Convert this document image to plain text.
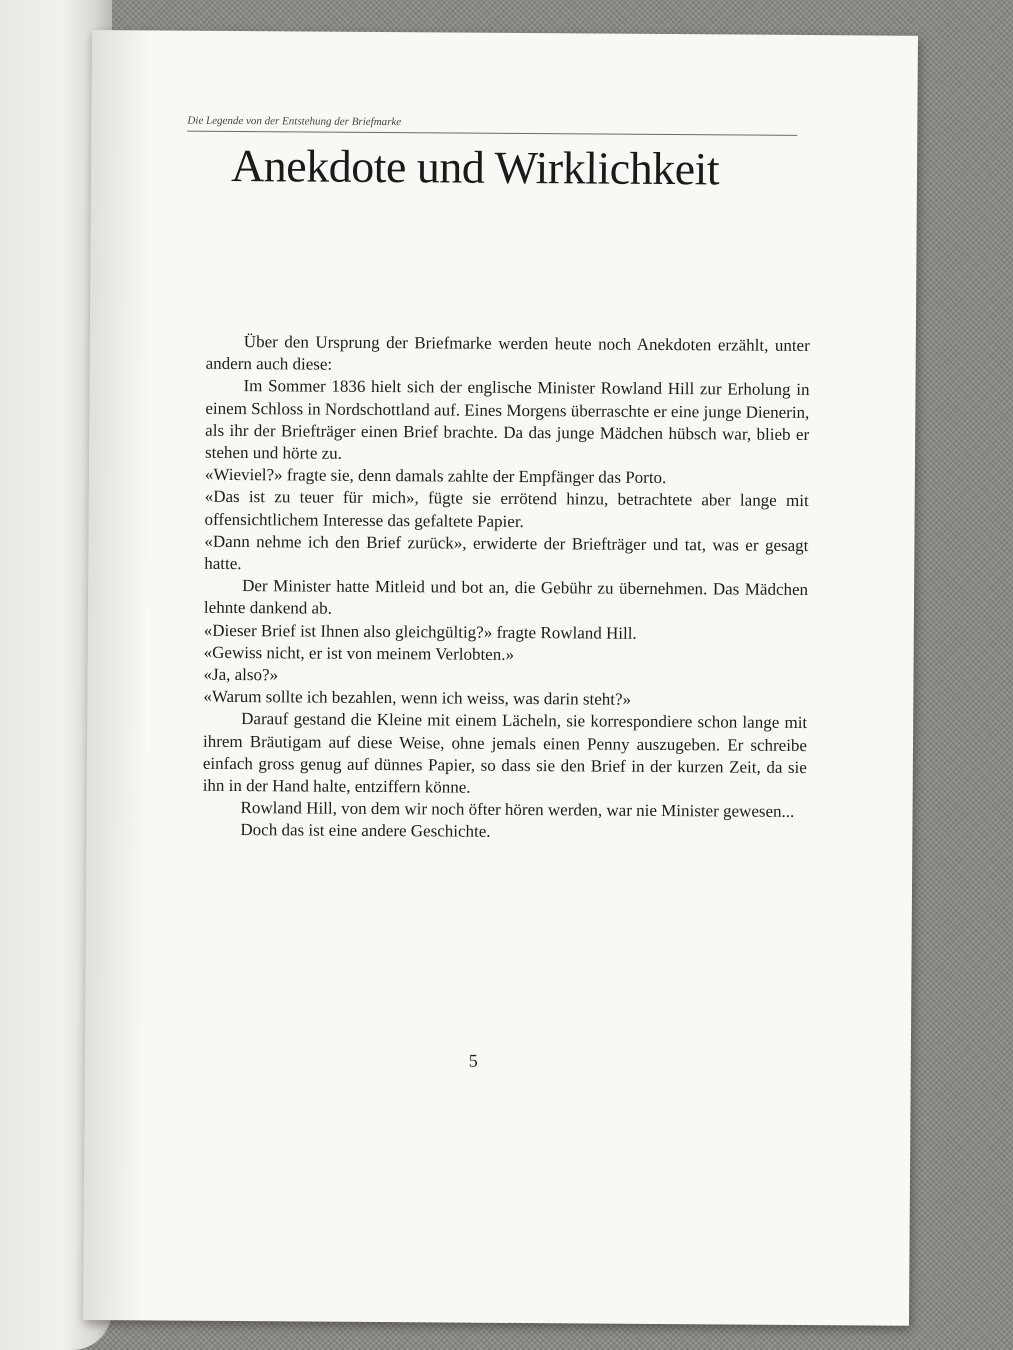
Die Legende von der Entstehung der Briefmarke
Anekdote und Wirklichkeit

Über den Ursprung der Briefmarke werden heute noch Anekdoten erzählt, unter andern auch diese:

Im Sommer 1836 hielt sich der englische Minister Rowland Hill zur Erholung in einem Schloss in Nordschottland auf. Eines Morgens überraschte er eine junge Dienerin, als ihr der Briefträger einen Brief brachte. Da das junge Mädchen hübsch war, blieb er stehen und hörte zu.

«Wieviel?» fragte sie, denn damals zahlte der Empfänger das Porto.

«Das ist zu teuer für mich», fügte sie errötend hinzu, betrachtete aber lange mit offensichtlichem Interesse das gefaltete Papier.

«Dann nehme ich den Brief zurück», erwiderte der Briefträger und tat, was er gesagt hatte.

Der Minister hatte Mitleid und bot an, die Gebühr zu übernehmen. Das Mädchen lehnte dankend ab.

«Dieser Brief ist Ihnen also gleichgültig?» fragte Rowland Hill.

«Gewiss nicht, er ist von meinem Verlobten.»

«Ja, also?»

«Warum sollte ich bezahlen, wenn ich weiss, was darin steht?»

Darauf gestand die Kleine mit einem Lächeln, sie korrespondiere schon lange mit ihrem Bräutigam auf diese Weise, ohne jemals einen Penny auszugeben. Er schreibe einfach gross genug auf dünnes Papier, so dass sie den Brief in der kurzen Zeit, da sie ihn in der Hand halte, entziffern könne.

Rowland Hill, von dem wir noch öfter hören werden, war nie Minister gewesen...

Doch das ist eine andere Geschichte.

5
